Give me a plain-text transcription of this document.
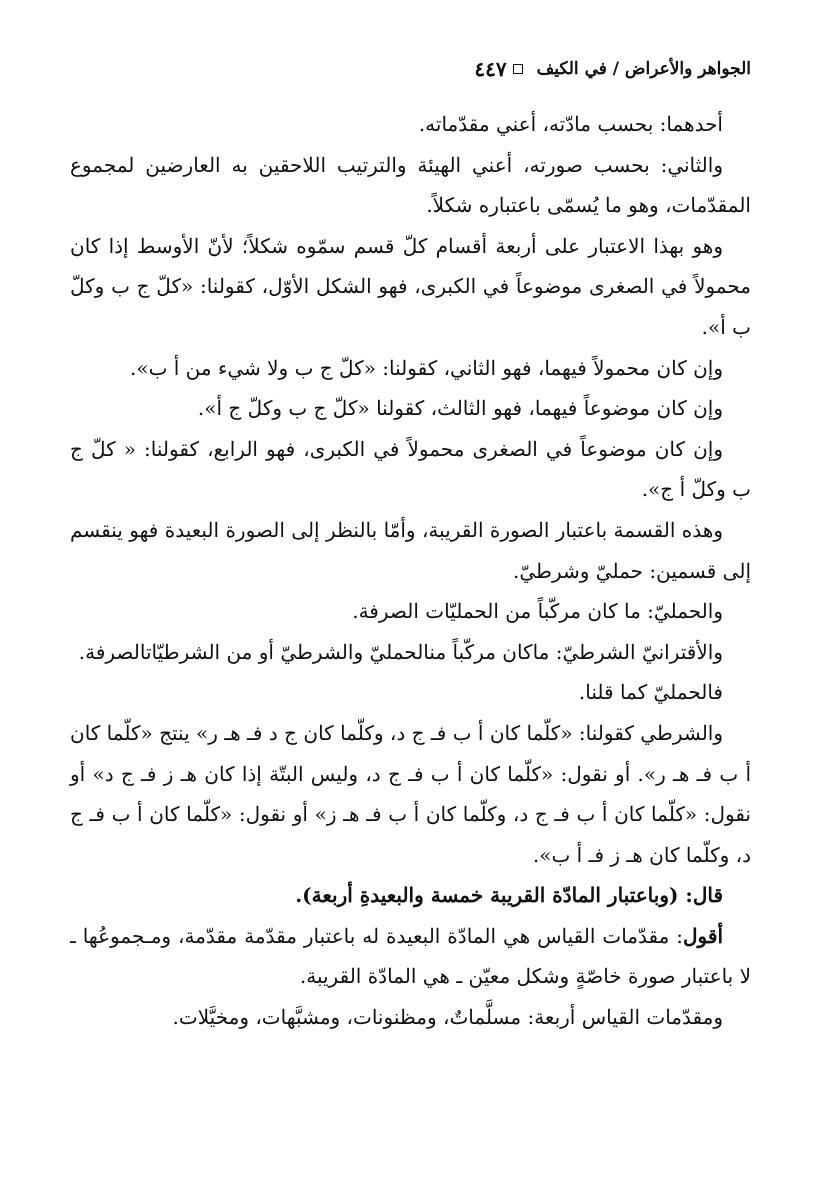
الجواهر والأعراض / في الكيف
٤٤٧

أحدهما: بحسب مادّته، أعني مقدّماته.

والثاني: بحسب صورته، أعني الهيئة والترتيب اللاحقين به العارضين لمجموع المقدّمات، وهو ما يُسمّى باعتباره شكلاً.

وهو بهذا الاعتبار على أربعة أقسام كلّ قسم سمّوه شكلاً؛ لأنّ الأوسط إذا كان محمولاً في الصغرى موضوعاً في الكبرى، فهو الشكل الأوّل، كقولنا: «كلّ ج ب وكلّ ب أ».

وإن كان محمولاً فيهما، فهو الثاني، كقولنا: «كلّ ج ب ولا شيء من أ ب».

وإن كان موضوعاً فيهما، فهو الثالث، كقولنا «كلّ ج ب وكلّ ج أ».

وإن كان موضوعاً في الصغرى محمولاً في الكبرى، فهو الرابع، كقولنا: « كلّ ج ب وكلّ أ ج».

وهذه القسمة باعتبار الصورة القريبة، وأمّا بالنظر إلى الصورة البعيدة فهو ينقسم إلى قسمين: حمليّ وشرطيّ.

والحمليّ: ما كان مركّباً من الحمليّات الصرفة.

والأقترانيّ الشرطيّ: ماكان مركّباً منالحمليّ والشرطيّ أو من الشرطيّاتالصرفة.

فالحمليّ كما قلنا.

والشرطي كقولنا: «كلّما كان أ ب فـ ج د، وكلّما كان ج د فـ هـ ر» ينتج «كلّما كان أ ب فـ هـ ر». أو نقول: «كلّما كان أ ب فـ ج د، وليس البتّة إذا كان هـ ز فـ ج د» أو نقول: «كلّما كان أ ب فـ ج د، وكلّما كان أ ب فـ هـ ز» أو نقول: «كلّما كان أ ب فـ ج د، وكلّما كان هـ ز فـ أ ب».

قال: (وباعتبار المادّة القريبة خمسة والبعيدةِ أربعة).

أقول: مقدّمات القياس هي المادّة البعيدة له باعتبار مقدّمة مقدّمة، ومـجموعُها ـ لا باعتبار صورة خاصّةٍ وشكل معيّن ـ هي المادّة القريبة.

ومقدّمات القياس أربعة: مسلَّماتٌ، ومظنونات، ومشبَّهات، ومخيَّلات.
